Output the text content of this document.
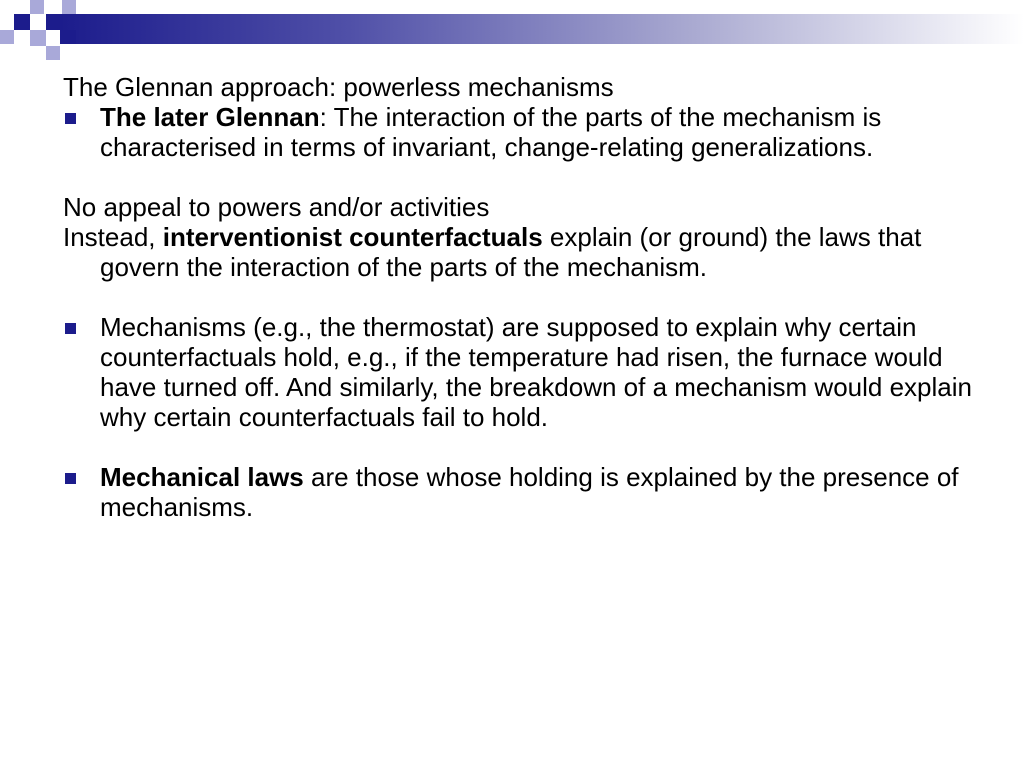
The Glennan approach: powerless mechanisms

The later Glennan: The interaction of the parts of the mechanism is characterised in terms of invariant, change-relating generalizations.

No appeal to powers and/or activities

Instead, interventionist counterfactuals explain (or ground) the laws that govern the interaction of the parts of the mechanism.

Mechanisms (e.g., the thermostat) are supposed to explain why certain counterfactuals hold, e.g., if the temperature had risen, the furnace would have turned off. And similarly, the breakdown of a mechanism would explain why certain counterfactuals fail to hold.
Mechanical laws are those whose holding is explained by the presence of mechanisms.
